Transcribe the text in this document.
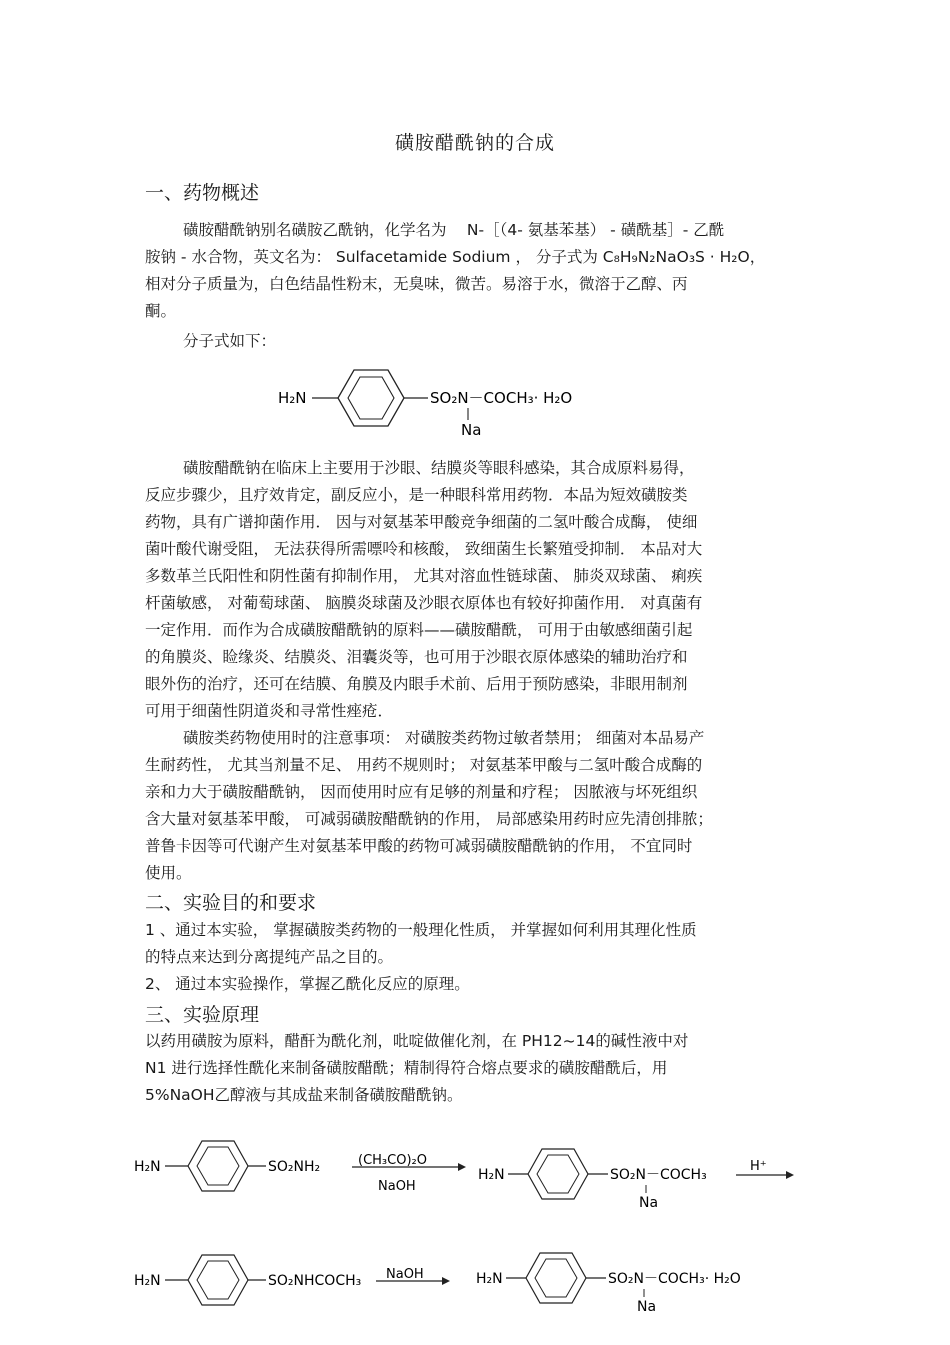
磺胺醋酰钠的合成
一、药物概述
磺胺醋酰钠别名磺胺乙酰钠，化学名为　 N-［（4- 氨基苯基） - 磺酰基］- 乙酰
胺钠 - 水合物，英文名为： Sulfacetamide Sodium ， 分子式为 C₈H₉N₂NaO₃S · H₂O，
相对分子质量为，白色结晶性粉末，无臭味，微苦。易溶于水，微溶于乙醇、丙
酮。
分子式如下：
H₂N	SO₂N－COCH₃· H₂O
Na
磺胺醋酰钠在临床上主要用于沙眼、结膜炎等眼科感染，其合成原料易得，
反应步骤少，且疗效肯定，副反应小，是一种眼科常用药物．本品为短效磺胺类
药物，具有广谱抑菌作用． 因与对氨基苯甲酸竞争细菌的二氢叶酸合成酶， 使细
菌叶酸代谢受阻， 无法获得所需嘌呤和核酸， 致细菌生长繁殖受抑制． 本品对大
多数革兰氏阳性和阴性菌有抑制作用， 尤其对溶血性链球菌、 肺炎双球菌、 痢疾
杆菌敏感， 对葡萄球菌、 脑膜炎球菌及沙眼衣原体也有较好抑菌作用． 对真菌有
一定作用．而作为合成磺胺醋酰钠的原料——磺胺醋酰， 可用于由敏感细菌引起
的角膜炎、睑缘炎、结膜炎、泪囊炎等，也可用于沙眼衣原体感染的辅助治疗和
眼外伤的治疗，还可在结膜、角膜及内眼手术前、后用于预防感染，非眼用制剂
可用于细菌性阴道炎和寻常性痤疮．
磺胺类药物使用时的注意事项： 对磺胺类药物过敏者禁用； 细菌对本品易产
生耐药性， 尤其当剂量不足、 用药不规则时； 对氨基苯甲酸与二氢叶酸合成酶的
亲和力大于磺胺醋酰钠， 因而使用时应有足够的剂量和疗程； 因脓液与坏死组织
含大量对氨基苯甲酸， 可减弱磺胺醋酰钠的作用， 局部感染用药时应先清创排脓；
普鲁卡因等可代谢产生对氨基苯甲酸的药物可减弱磺胺醋酰钠的作用， 不宜同时
使用。
二、实验目的和要求
1 、通过本实验， 掌握磺胺类药物的一般理化性质， 并掌握如何利用其理化性质
的特点来达到分离提纯产品之目的。
2、 通过本实验操作，掌握乙酰化反应的原理。
三、实验原理
以药用磺胺为原料，醋酐为酰化剂，吡啶做催化剂，在 PH12~14的碱性液中对
N1 进行选择性酰化来制备磺胺醋酰；精制得符合熔点要求的磺胺醋酰后，用
5%NaOH乙醇液与其成盐来制备磺胺醋酰钠。
H₂N	SO₂NH₂	(CH₃CO)₂O
NaOH
H₂N	SO₂N－COCH₃
Na
H⁺
H₂N	SO₂NHCOCH₃ NaOH	H₂N	SO₂N－COCH₃· H₂O
Na
